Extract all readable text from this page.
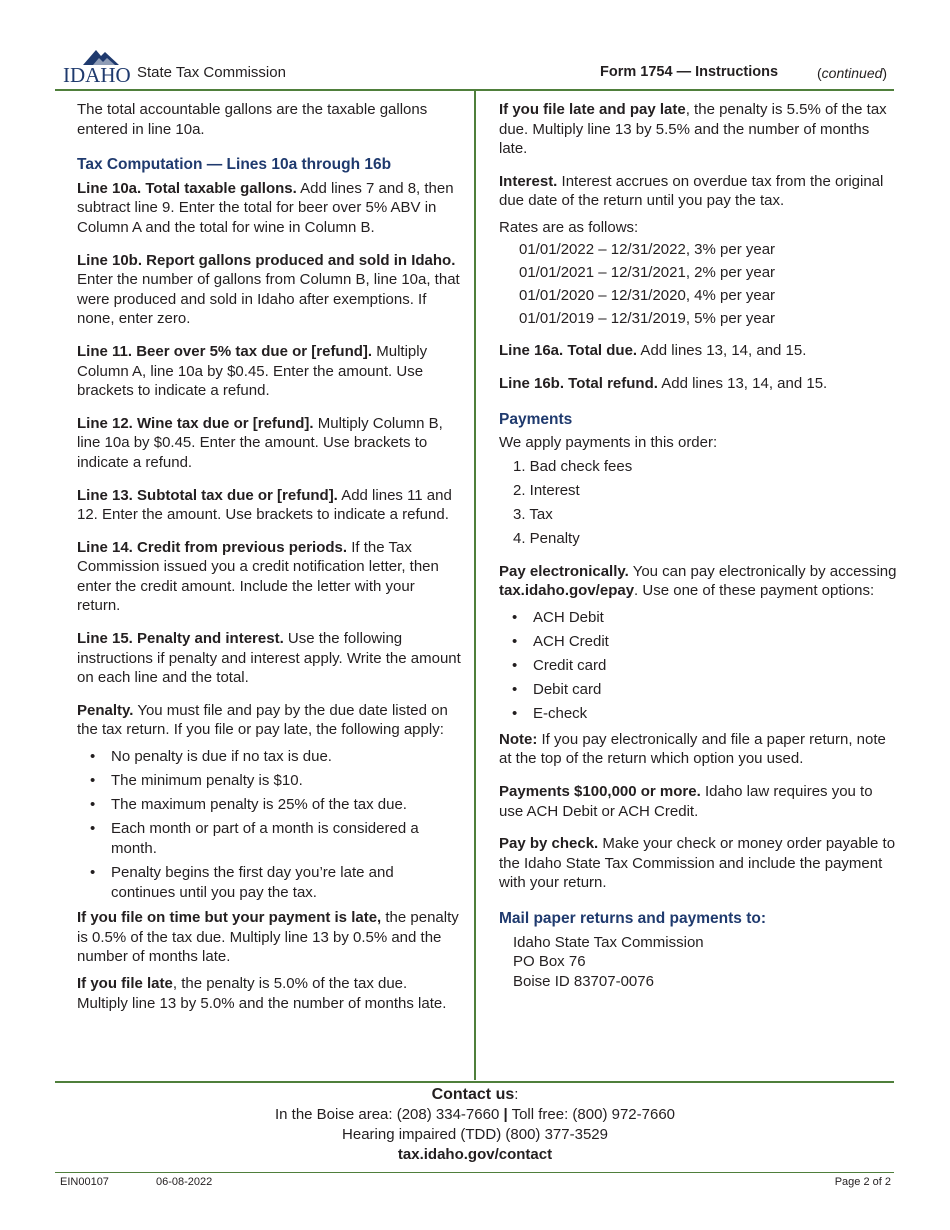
IDAHO State Tax Commission	Form 1754 — Instructions	(continued)

The total accountable gallons are the taxable gallons entered in line 10a.

Tax Computation — Lines 10a through 16b

Line 10a. Total taxable gallons. Add lines 7 and 8, then subtract line 9. Enter the total for beer over 5% ABV in Column A and the total for wine in Column B.

Line 10b. Report gallons produced and sold in Idaho. Enter the number of gallons from Column B, line 10a, that were produced and sold in Idaho after exemptions. If none, enter zero.

Line 11. Beer over 5% tax due or [refund]. Multiply Column A, line 10a by $0.45. Enter the amount. Use brackets to indicate a refund.

Line 12. Wine tax due or [refund]. Multiply Column B, line 10a by $0.45. Enter the amount. Use brackets to indicate a refund.

Line 13. Subtotal tax due or [refund]. Add lines 11 and 12. Enter the amount. Use brackets to indicate a refund.

Line 14. Credit from previous periods. If the Tax Commission issued you a credit notification letter, then enter the credit amount. Include the letter with your return.

Line 15. Penalty and interest. Use the following instructions if penalty and interest apply. Write the amount on each line and the total.

Penalty. You must file and pay by the due date listed on the tax return. If you file or pay late, the following apply:

• No penalty is due if no tax is due.
• The minimum penalty is $10.
• The maximum penalty is 25% of the tax due.
• Each month or part of a month is considered a month.
• Penalty begins the first day you’re late and continues until you pay the tax.

If you file on time but your payment is late, the penalty is 0.5% of the tax due. Multiply line 13 by 0.5% and the number of months late.

If you file late, the penalty is 5.0% of the tax due. Multiply line 13 by 5.0% and the number of months late.

If you file late and pay late, the penalty is 5.5% of the tax due. Multiply line 13 by 5.5% and the number of months late.

Interest. Interest accrues on overdue tax from the original due date of the return until you pay the tax.

Rates are as follows:
01/01/2022 – 12/31/2022, 3% per year
01/01/2021 – 12/31/2021, 2% per year
01/01/2020 – 12/31/2020, 4% per year
01/01/2019 – 12/31/2019, 5% per year

Line 16a. Total due. Add lines 13, 14, and 15.

Line 16b. Total refund. Add lines 13, 14, and 15.

Payments
We apply payments in this order:
1. Bad check fees
2. Interest
3. Tax
4. Penalty

Pay electronically. You can pay electronically by accessing tax.idaho.gov/epay. Use one of these payment options:

• ACH Debit
• ACH Credit
• Credit card
• Debit card
• E-check

Note: If you pay electronically and file a paper return, note at the top of the return which option you used.

Payments $100,000 or more. Idaho law requires you to use ACH Debit or ACH Credit.

Pay by check. Make your check or money order payable to the Idaho State Tax Commission and include the payment with your return.

Mail paper returns and payments to:
Idaho State Tax Commission
PO Box 76
Boise ID 83707-0076
Contact us:
In the Boise area: (208) 334-7660 | Toll free: (800) 972-7660
Hearing impaired (TDD) (800) 377-3529
tax.idaho.gov/contact
EIN00107	06-08-2022	Page 2 of 2
